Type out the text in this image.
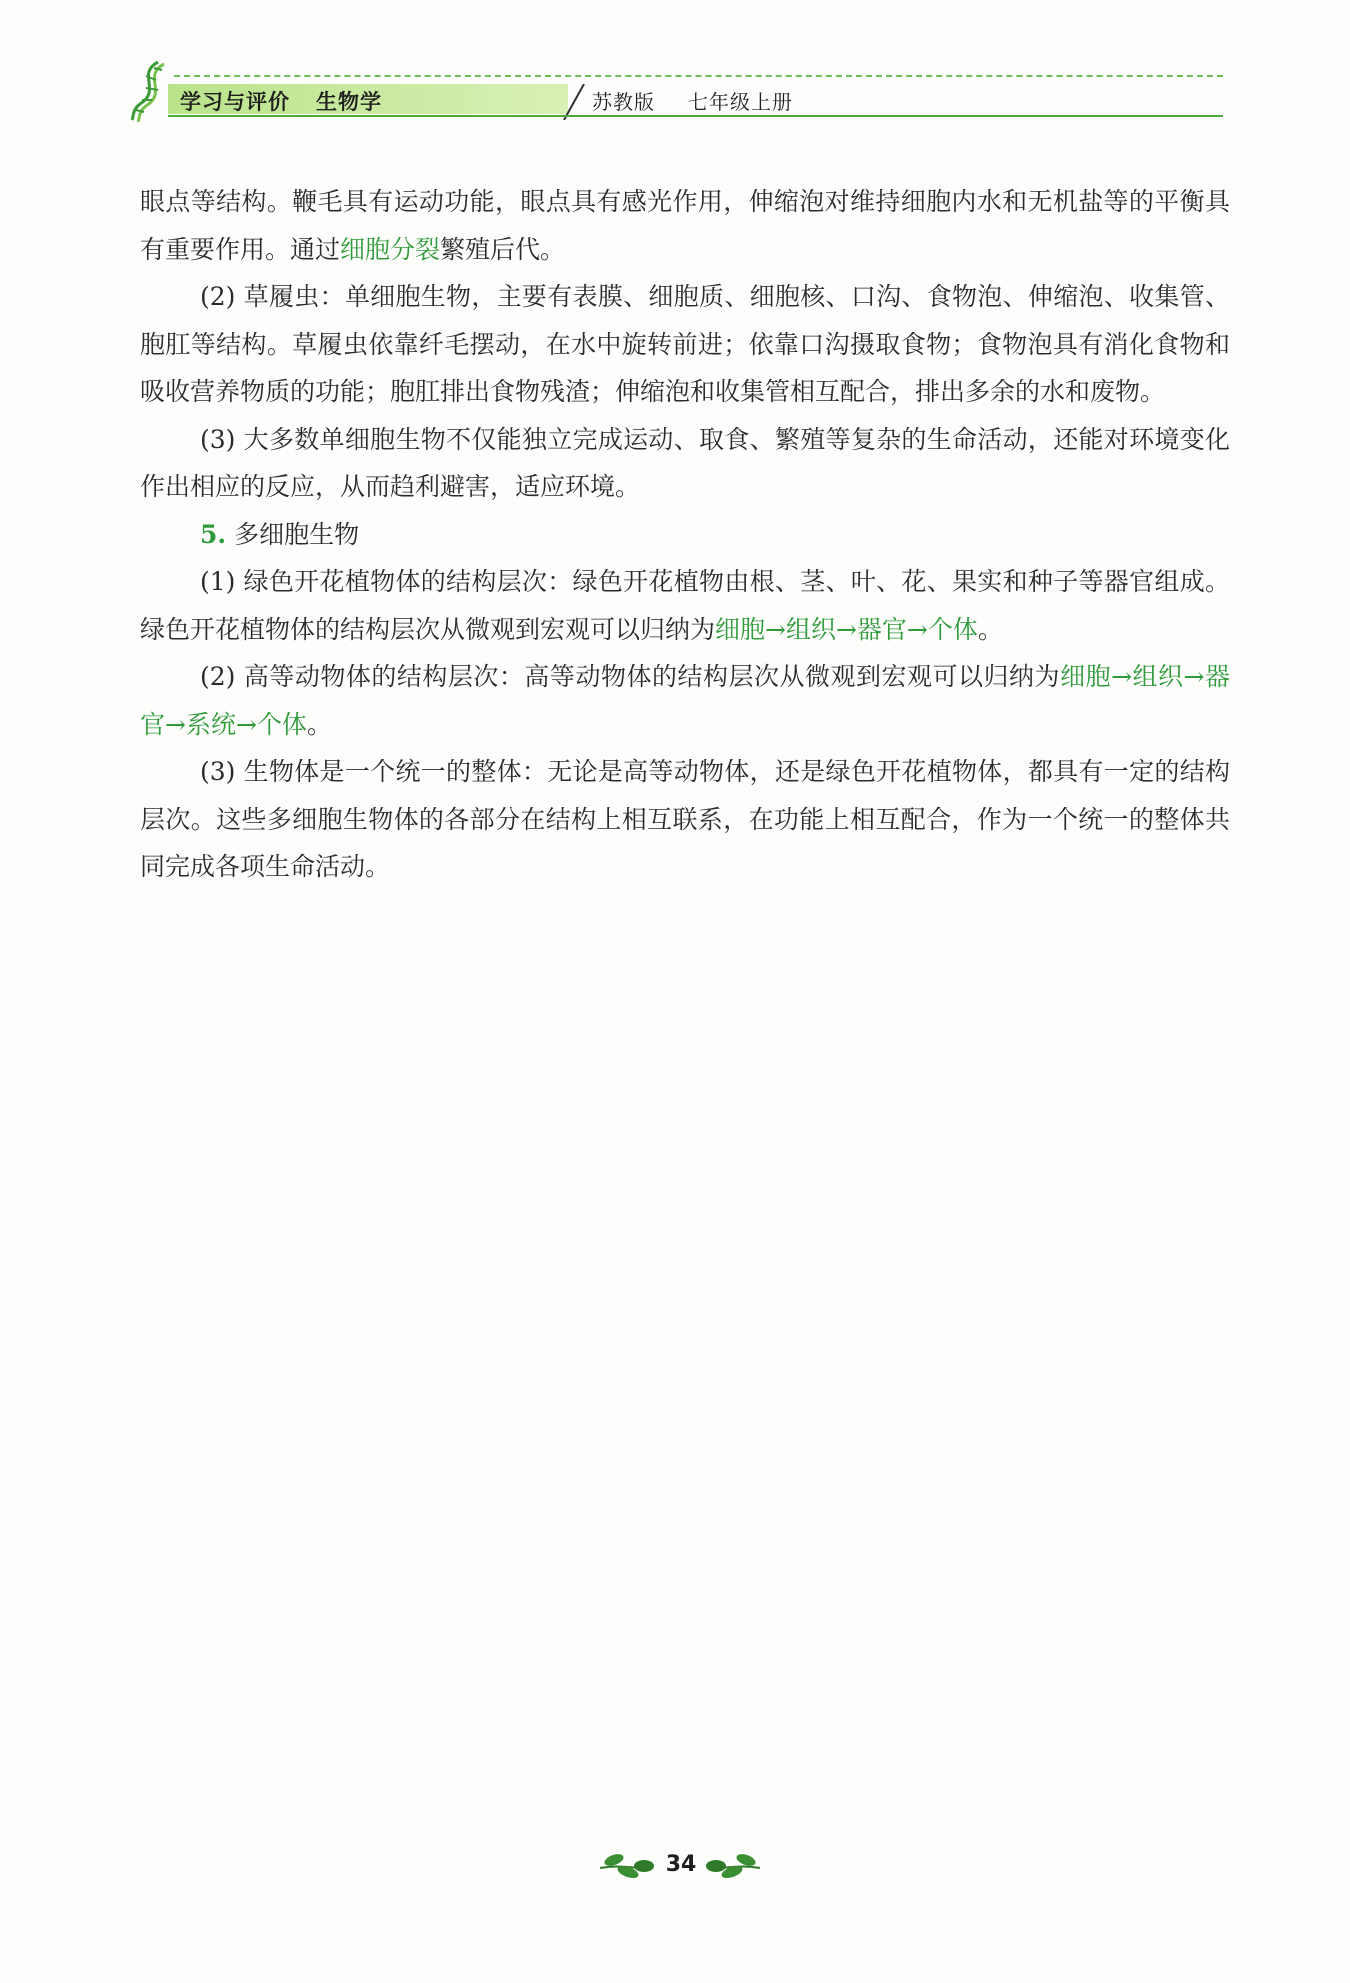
学习与评价 生物学	苏教版 七年级上册

眼点等结构。鞭毛具有运动功能，眼点具有感光作用，伸缩泡对维持细胞内水和无机盐等的平衡具有重要作用。通过细胞分裂繁殖后代。

(2) 草履虫：单细胞生物，主要有表膜、细胞质、细胞核、口沟、食物泡、伸缩泡、收集管、胞肛等结构。草履虫依靠纤毛摆动，在水中旋转前进；依靠口沟摄取食物；食物泡具有消化食物和吸收营养物质的功能；胞肛排出食物残渣；伸缩泡和收集管相互配合，排出多余的水和废物。

(3) 大多数单细胞生物不仅能独立完成运动、取食、繁殖等复杂的生命活动，还能对环境变化作出相应的反应，从而趋利避害，适应环境。

5. 多细胞生物

(1) 绿色开花植物体的结构层次：绿色开花植物由根、茎、叶、花、果实和种子等器官组成。绿色开花植物体的结构层次从微观到宏观可以归纳为细胞→组织→器官→个体。

(2) 高等动物体的结构层次：高等动物体的结构层次从微观到宏观可以归纳为细胞→组织→器官→系统→个体。

(3) 生物体是一个统一的整体：无论是高等动物体，还是绿色开花植物体，都具有一定的结构层次。这些多细胞生物体的各部分在结构上相互联系，在功能上相互配合，作为一个统一的整体共同完成各项生命活动。

34
